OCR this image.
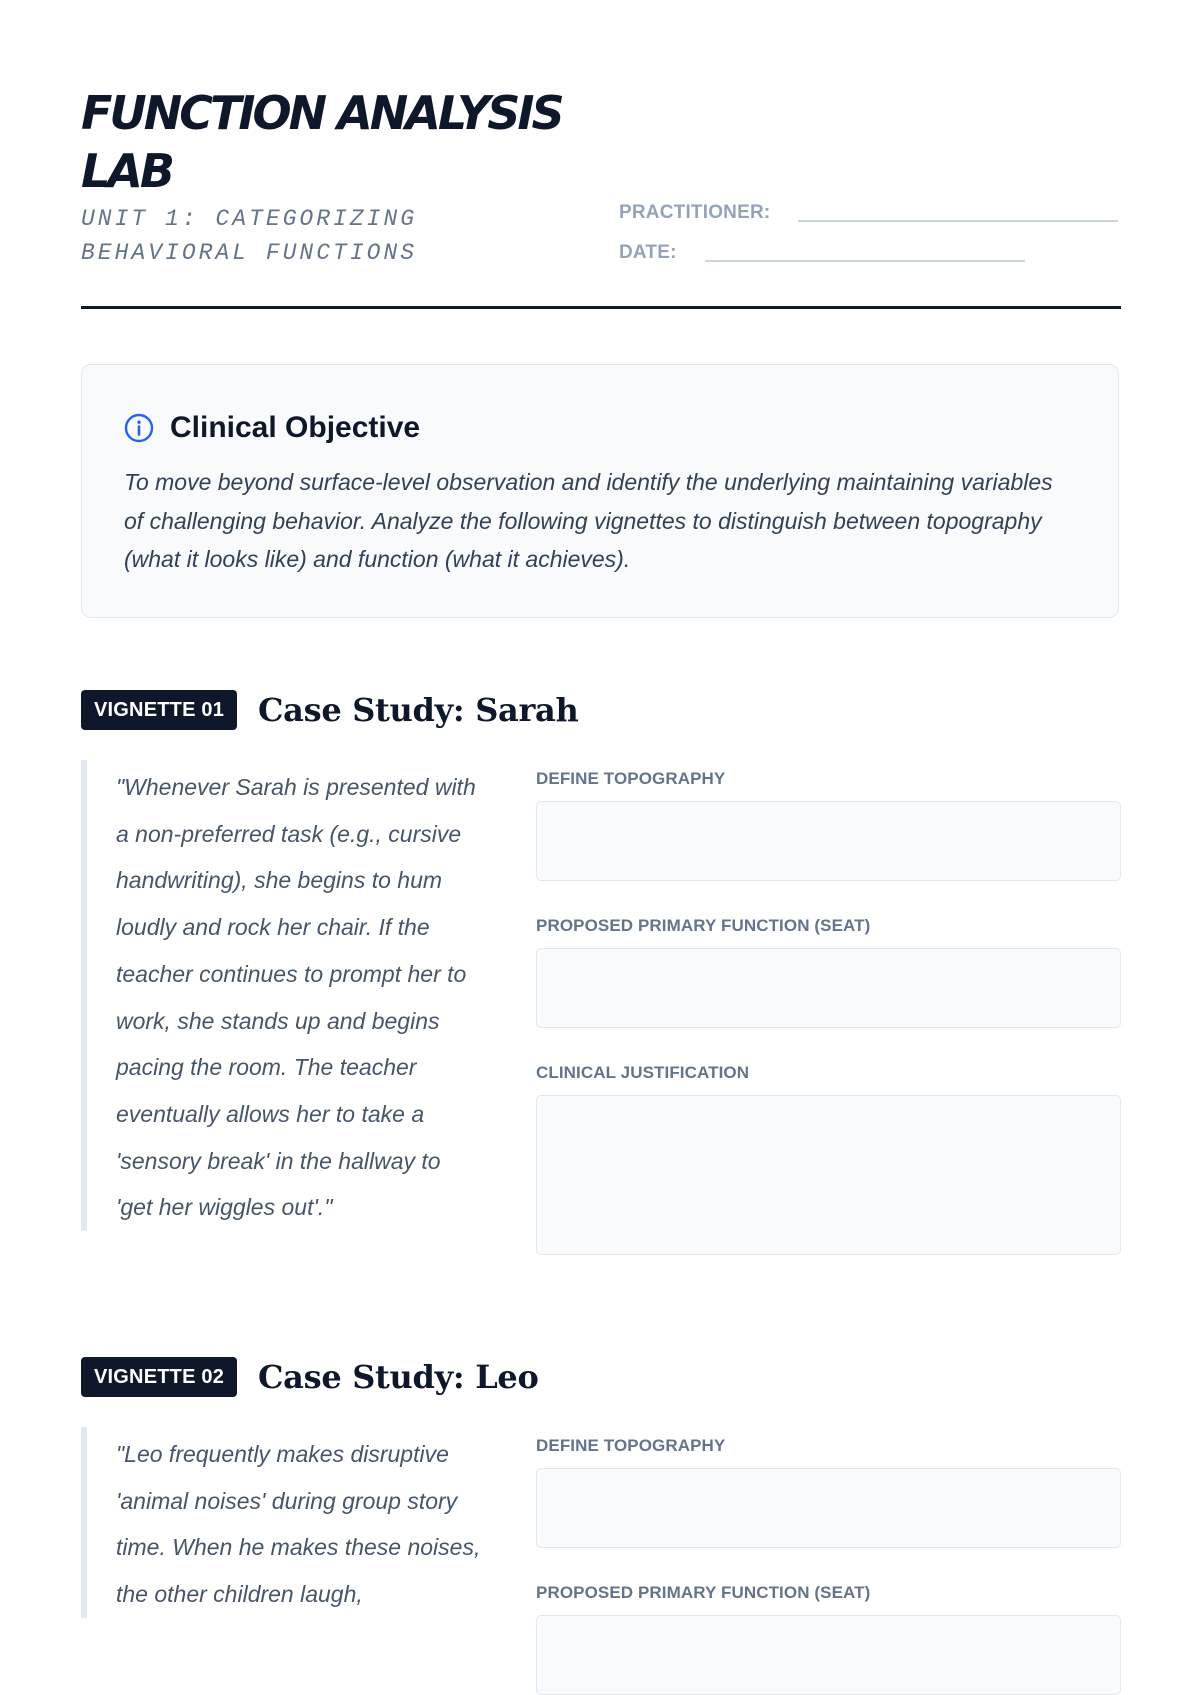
FUNCTION ANALYSIS LAB
UNIT 1: CATEGORIZING BEHAVIORAL FUNCTIONS
PRACTITIONER:
DATE:
Clinical Objective

To move beyond surface-level observation and identify the underlying maintaining variables of challenging behavior. Analyze the following vignettes to distinguish between topography (what it looks like) and function (what it achieves).

VIGNETTE 01	Case Study: Sarah

"Whenever Sarah is presented with a non-preferred task (e.g., cursive handwriting), she begins to hum loudly and rock her chair. If the teacher continues to prompt her to work, she stands up and begins pacing the room. The teacher eventually allows her to take a 'sensory break' in the hallway to 'get her wiggles out'."

DEFINE TOPOGRAPHY
PROPOSED PRIMARY FUNCTION (SEAT)
CLINICAL JUSTIFICATION
VIGNETTE 02	Case Study: Leo

"Leo frequently makes disruptive 'animal noises' during group story time. When he makes these noises, the other children laugh,

DEFINE TOPOGRAPHY
PROPOSED PRIMARY FUNCTION (SEAT)
